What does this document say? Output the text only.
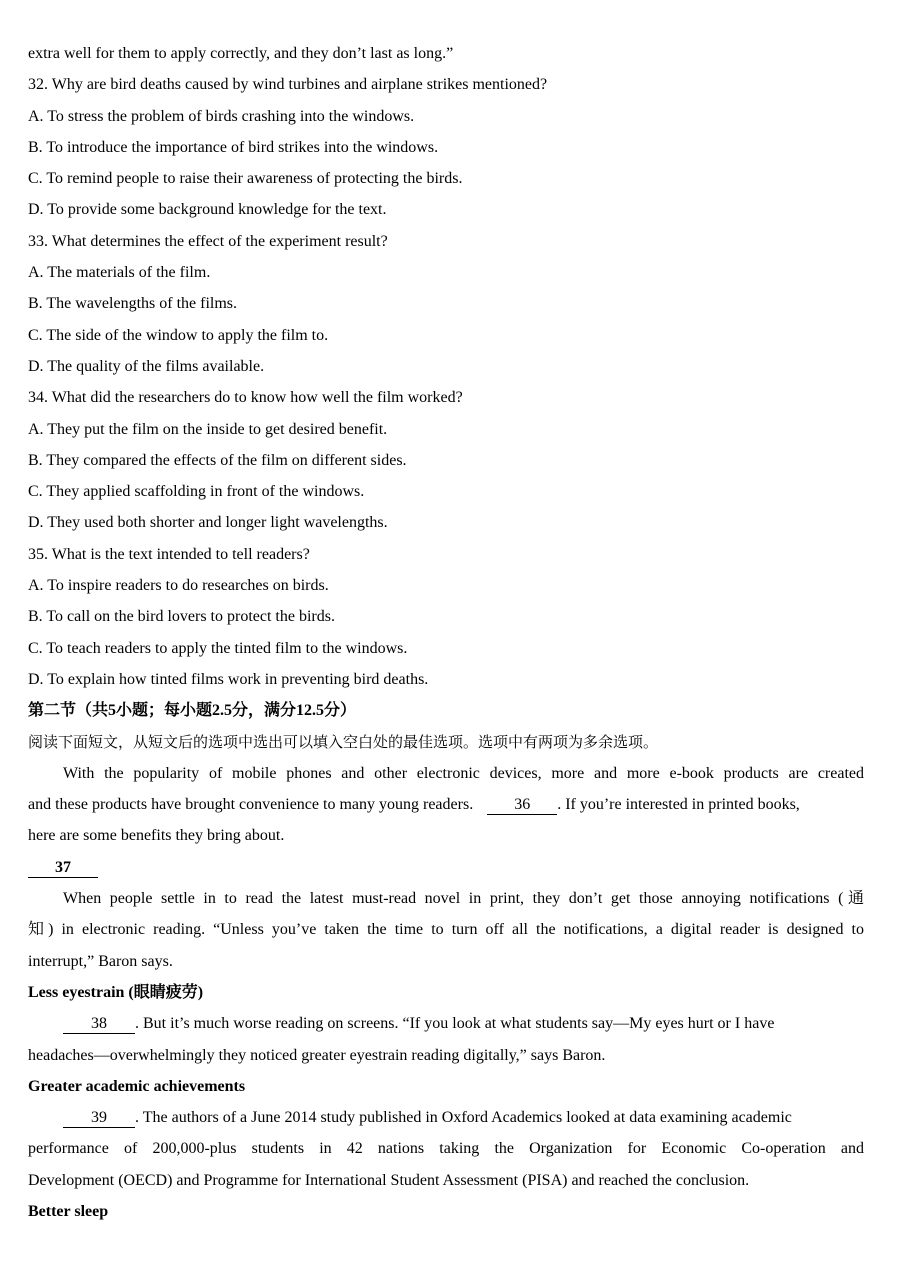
extra well for them to apply correctly, and they don’t last as long.”
32. Why are bird deaths caused by wind turbines and airplane strikes mentioned?
A. To stress the problem of birds crashing into the windows.
B. To introduce the importance of bird strikes into the windows.
C. To remind people to raise their awareness of protecting the birds.
D. To provide some background knowledge for the text.
33. What determines the effect of the experiment result?
A. The materials of the film.
B. The wavelengths of the films.
C. The side of the window to apply the film to.
D. The quality of the films available.
34. What did the researchers do to know how well the film worked?
A. They put the film on the inside to get desired benefit.
B. They compared the effects of the film on different sides.
C. They applied scaffolding in front of the windows.
D. They used both shorter and longer light wavelengths.
35. What is the text intended to tell readers?
A. To inspire readers to do researches on birds.
B. To call on the bird lovers to protect the birds.
C. To teach readers to apply the tinted film to the windows.
D. To explain how tinted films work in preventing bird deaths.
第二节（共5小题；每小题2.5分，满分12.5分）
阅读下面短文，从短文后的选项中选出可以填入空白处的最佳选项。选项中有两项为多余选项。
With the popularity of mobile phones and other electronic devices, more and more e-book products are created
and these products have brought convenience to many young readers.	36 . If you’re interested in printed books,
here are some benefits they bring about.
37
When people settle in to read the latest must-read novel in print, they don’t get those annoying notifications (通
知) in electronic reading. “Unless you’ve taken the time to turn off all the notifications, a digital reader is designed to
interrupt,” Baron says.
Less eyestrain (眼睛疲劳)
38 . But it’s much worse reading on screens. “If you look at what students say—My eyes hurt or I have
headaches—overwhelmingly they noticed greater eyestrain reading digitally,” says Baron.
Greater academic achievements
39 . The authors of a June 2014 study published in Oxford Academics looked at data examining academic
performance of 200,000-plus students in 42 nations taking the Organization for Economic Co-operation and
Development (OECD) and Programme for International Student Assessment (PISA) and reached the conclusion.
Better sleep
